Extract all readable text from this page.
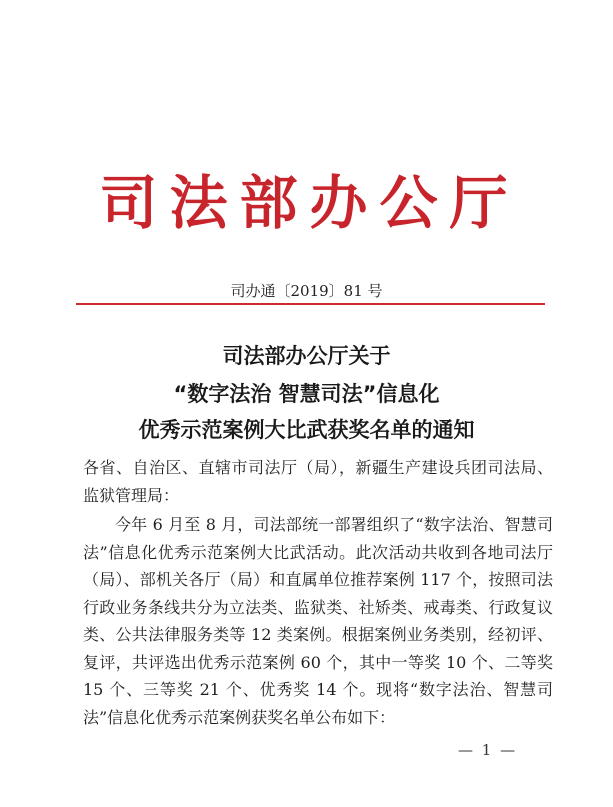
司法部办公厅
司办通〔2019〕81 号
司法部办公厅关于
“数字法治 智慧司法”信息化
优秀示范案例大比武获奖名单的通知

各省、自治区、直辖市司法厅（局），新疆生产建设兵团司法局、监狱管理局：

今年 6 月至 8 月，司法部统一部署组织了“数字法治、智慧司法”信息化优秀示范案例大比武活动。此次活动共收到各地司法厅（局）、部机关各厅（局）和直属单位推荐案例 117 个，按照司法行政业务条线共分为立法类、监狱类、社矫类、戒毒类、行政复议类、公共法律服务类等 12 类案例。根据案例业务类别，经初评、复评，共评选出优秀示范案例 60 个，其中一等奖 10 个、二等奖 15 个、三等奖 21 个、优秀奖 14 个。现将“数字法治、智慧司法”信息化优秀示范案例获奖名单公布如下：

— 1 —
